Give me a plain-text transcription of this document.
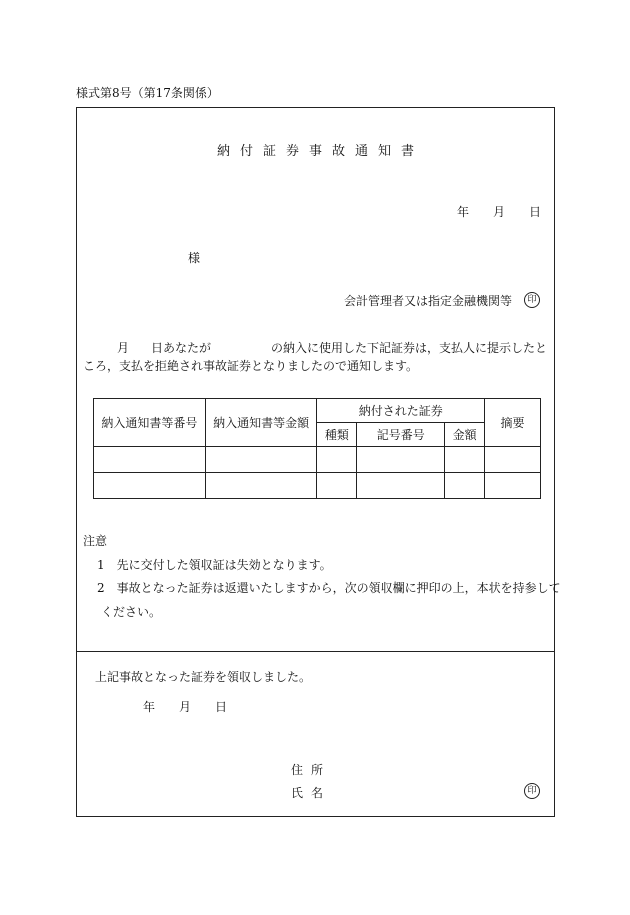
様式第8号（第17条関係）
納付証券事故通知書
年 月 日
様
会計管理者又は指定金融機関等	印
月 日あなたが	の納入に使用した下記証券は，支払人に提示したと
ころ，支払を拒絶され事故証券となりましたので通知します。
納入通知書等番号	納入通知書等金額	納付された証券			摘要
		種類	記号番号	金額	

注意
1 先に交付した領収証は失効となります。
2 事故となった証券は返還いたしますから，次の領収欄に押印の上，本状を持参して
ください。
上記事故となった証券を領収しました。
年 月 日
住所
氏名	印
